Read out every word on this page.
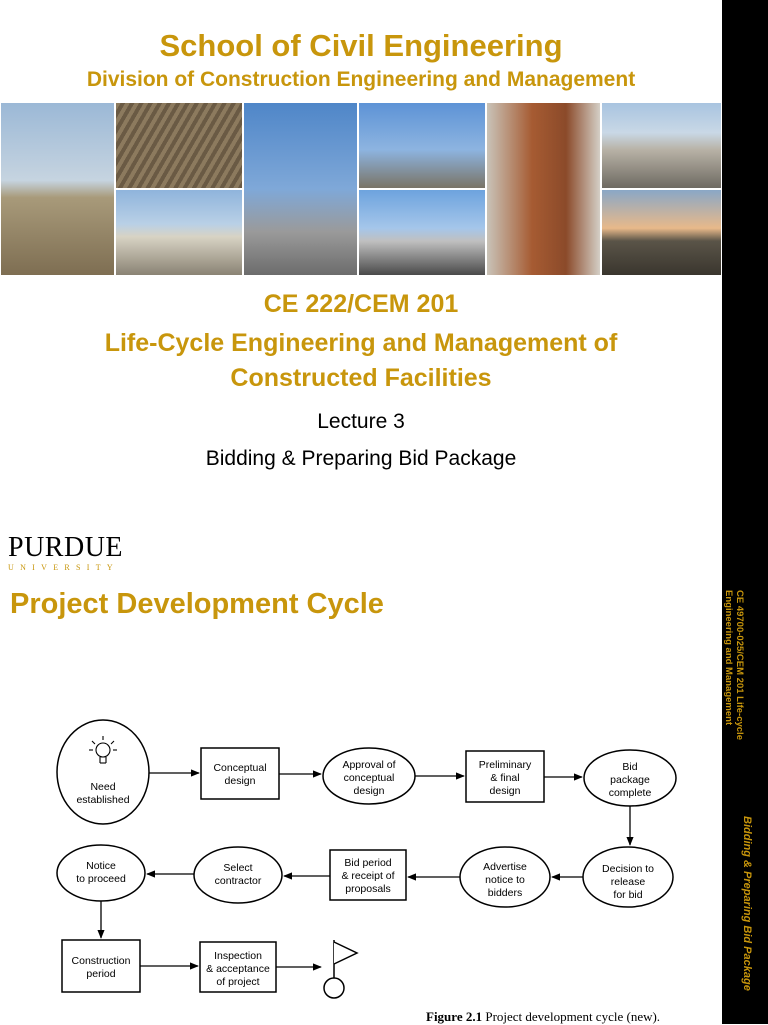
School of Civil Engineering
Division of Construction Engineering and Management
CE 222/CEM 201
Life-Cycle Engineering and Management of
Constructed Facilities
Lecture 3
Bidding & Preparing Bid Package
CE 49700-025/CEM 201 Life-cycle
Engineering and Management
Bidding & Preparing Bid Package
PURDUE
UNIVERSITY
Project Development Cycle
Need established
Conceptual design
Approval of conceptual design
Preliminary & final design
Bid package complete
Decision to release for bid
Advertise notice to bidders
Bid period & receipt of proposals
Select contractor
Notice to proceed
Construction period
Inspection & acceptance of project
Figure 2.1 Project development cycle (new).
